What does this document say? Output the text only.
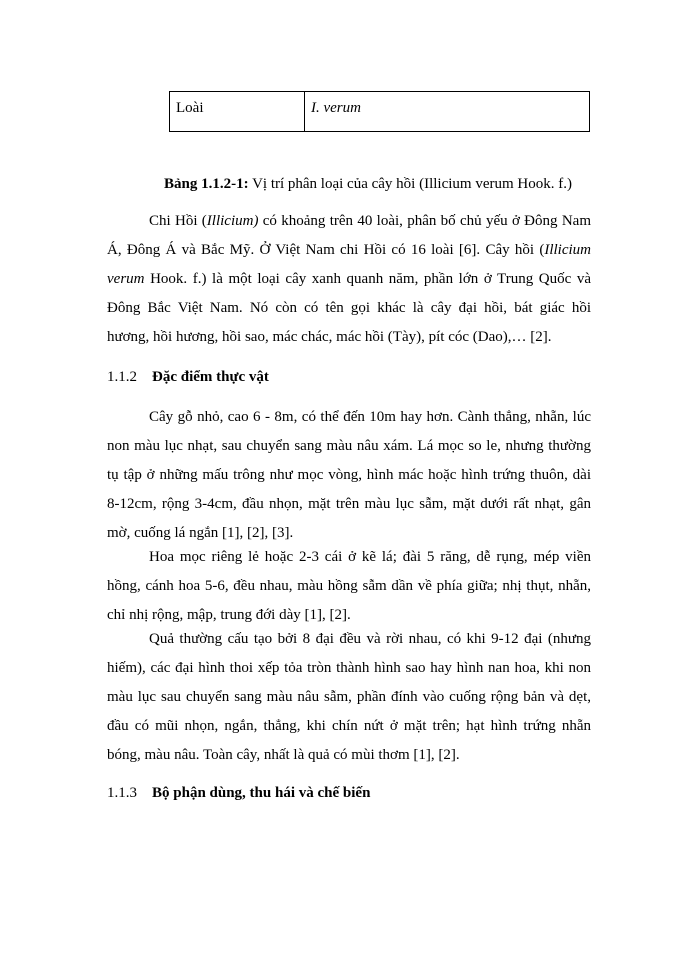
Loài	I. verum
Bảng 1.1.2-1: Vị trí phân loại của cây hồi (Illicium verum Hook. f.)
Chi Hồi (Illicium) có khoảng trên 40 loài, phân bố chủ yếu ở Đông Nam
Á, Đông Á và Bắc Mỹ. Ở Việt Nam chi Hồi có 16 loài [6]. Cây hồi (Illicium
verum Hook. f.) là một loại cây xanh quanh năm, phần lớn ở Trung Quốc và
Đông Bắc Việt Nam. Nó còn có tên gọi khác là cây đại hồi, bát giác hồi
hương, hồi hương, hồi sao, mác chác, mác hồi (Tày), pít cóc (Dao),… [2].
1.1.2 Đặc điểm thực vật
Cây gỗ nhỏ, cao 6 - 8m, có thể đến 10m hay hơn. Cành thẳng, nhẵn, lúc
non màu lục nhạt, sau chuyển sang màu nâu xám. Lá mọc so le, nhưng thường
tụ tập ở những mấu trông như mọc vòng, hình mác hoặc hình trứng thuôn, dài
8-12cm, rộng 3-4cm, đầu nhọn, mặt trên màu lục sẫm, mặt dưới rất nhạt, gân
mờ, cuống lá ngắn [1], [2], [3].
Hoa mọc riêng lẻ hoặc 2-3 cái ở kẽ lá; đài 5 răng, dễ rụng, mép viền
hồng, cánh hoa 5-6, đều nhau, màu hồng sẫm dần về phía giữa; nhị thụt, nhẵn,
chỉ nhị rộng, mập, trung đới dày [1], [2].
Quả thường cấu tạo bởi 8 đại đều và rời nhau, có khi 9-12 đại (nhưng
hiếm), các đại hình thoi xếp tỏa tròn thành hình sao hay hình nan hoa, khi non
màu lục sau chuyển sang màu nâu sẫm, phần đính vào cuống rộng bản và dẹt,
đầu có mũi nhọn, ngắn, thẳng, khi chín nứt ở mặt trên; hạt hình trứng nhẵn
bóng, màu nâu. Toàn cây, nhất là quả có mùi thơm [1], [2].
1.1.3 Bộ phận dùng, thu hái và chế biến
